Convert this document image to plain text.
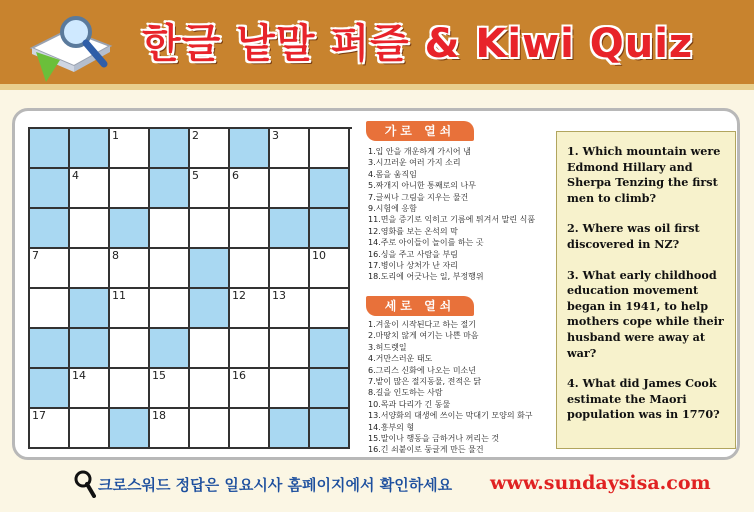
한글 낱말 퍼즐 & Kiwi Quiz
1	2	3
4	5	6
7	8	10
11	12 13
14	15	16
17	18
가로 열쇠
1.입 안을 개운하게 가시어 냄
3.시끄러운 여러 가지 소리
4.몸을 움직임
5.짜개지 아니한 통째로의 나무
7.글씨나 그림을 지우는 물건
9.시험에 응함
11.면을 증기로 익히고 기름에 튀겨서 말린 식품
12.영화를 보는 온석의 막
14.주로 아이들이 놀이를 하는 곳
16.싱을 주고 사람을 부림
17.병이나 상처가 난 자리
18.도리에 어긋나는 일, 부정행위
세로 열쇠
1.겨울이 시작된다고 하는 절기
2.마땅치 않게 여기는 나쁜 마음
3.허드렛일
4.거만스러운 태도
6.그리스 신화에 나오는 미소년
7.밭이 많은 절지동물, 전적은 닭
8.길을 인도하는 사람
10.목과 다리가 긴 동물
13.서양화의 대생에 쓰이는 막대기 모양의 화구
14.흥부의 형
15.말이나 행동을 금하거나 꺼리는 것
16.긴 쇠붙이로 둥글게 만든 물건

1. Which mountain were Edmond Hillary and Sherpa Tenzing the first men to climb?

2. Where was oil first discovered in NZ?

3. What early childhood education movement began in 1941, to help mothers cope while their husband were away at war?

4. What did James Cook estimate the Maori population was in 1770?

크로스워드 정답은 일요시사 홈페이지에서 확인하세요 www.sundaysisa.com
